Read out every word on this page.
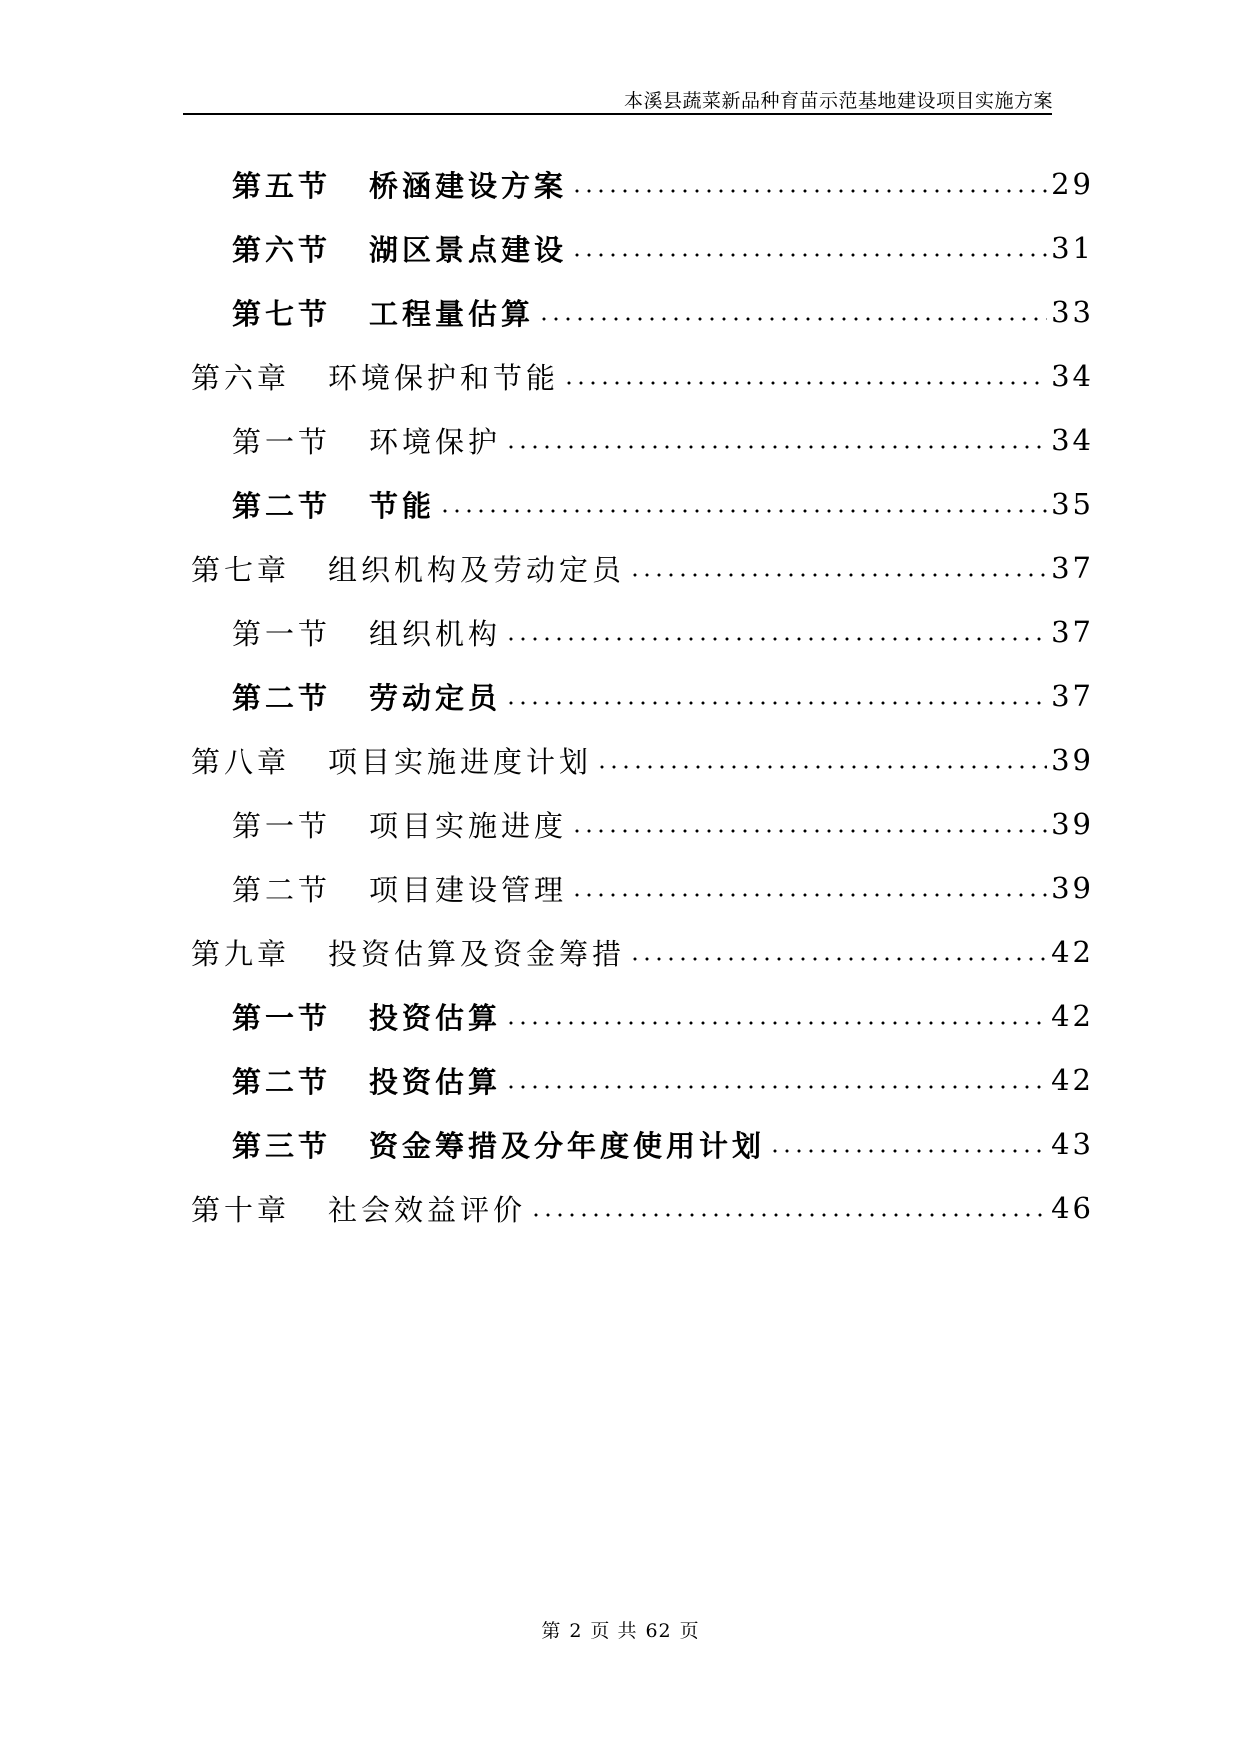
本溪县蔬菜新品种育苗示范基地建设项目实施方案
第五节 桥涵建设方案	29
第六节 湖区景点建设	31
第七节 工程量估算	33
第六章 环境保护和节能	34
第一节 环境保护	34
第二节 节能	35
第七章 组织机构及劳动定员	37
第一节 组织机构	37
第二节 劳动定员	37
第八章 项目实施进度计划	39
第一节 项目实施进度	39
第二节 项目建设管理	39
第九章 投资估算及资金筹措	42
第一节 投资估算	42
第二节 投资估算	42
第三节 资金筹措及分年度使用计划	43
第十章 社会效益评价	46
第 2 页 共 62 页
